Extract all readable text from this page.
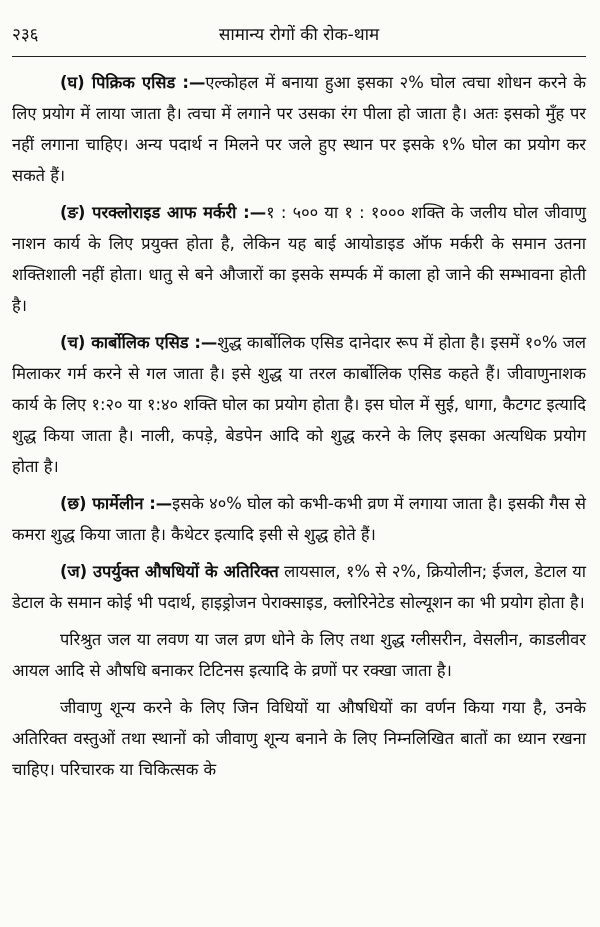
२३६	सामान्य रोगों की रोक-थाम

(घ) पिक्रिक एसिड :—एल्कोहल में बनाया हुआ इसका २% घोल त्वचा शोधन करने के लिए प्रयोग में लाया जाता है। त्वचा में लगाने पर उसका रंग पीला हो जाता है। अतः इसको मुँह पर नहीं लगाना चाहिए। अन्य पदार्थ न मिलने पर जले हुए स्थान पर इसके १% घोल का प्रयोग कर सकते हैं।

(ङ) परक्लोराइड आफ मर्करी :—१ : ५०० या १ : १००० शक्ति के जलीय घोल जीवाणु नाशन कार्य के लिए प्रयुक्त होता है, लेकिन यह बाई आयोडाइड ऑफ मर्करी के समान उतना शक्तिशाली नहीं होता। धातु से बने औजारों का इसके सम्पर्क में काला हो जाने की सम्भावना होती है।

(च) कार्बोलिक एसिड :—शुद्ध कार्बोलिक एसिड दानेदार रूप में होता है। इसमें १०% जल मिलाकर गर्म करने से गल जाता है। इसे शुद्ध या तरल कार्बोलिक एसिड कहते हैं। जीवाणुनाशक कार्य के लिए १:२० या १:४० शक्ति घोल का प्रयोग होता है। इस घोल में सुई, धागा, कैटगट इत्यादि शुद्ध किया जाता है। नाली, कपड़े, बेडपेन आदि को शुद्ध करने के लिए इसका अत्यधिक प्रयोग होता है।

(छ) फार्मेलीन :—इसके ४०% घोल को कभी-कभी व्रण में लगाया जाता है। इसकी गैस से कमरा शुद्ध किया जाता है। कैथेटर इत्यादि इसी से शुद्ध होते हैं।

(ज) उपर्युक्त औषधियों के अतिरिक्त लायसाल, १% से २%, क्रियोलीन; ईजल, डेटाल या डेटाल के समान कोई भी पदार्थ, हाइड्रोजन पेराक्साइड, क्लोरिनेटेड सोल्यूशन का भी प्रयोग होता है।

परिश्रुत जल या लवण या जल व्रण धोने के लिए तथा शुद्ध ग्लीसरीन, वेसलीन, काडलीवर आयल आदि से औषधि बनाकर टिटिनस इत्यादि के व्रणों पर रक्खा जाता है।

जीवाणु शून्य करने के लिए जिन विधियों या औषधियों का वर्णन किया गया है, उनके अतिरिक्त वस्तुओं तथा स्थानों को जीवाणु शून्य बनाने के लिए निम्नलिखित बातों का ध्यान रखना चाहिए। परिचारक या चिकित्सक के
